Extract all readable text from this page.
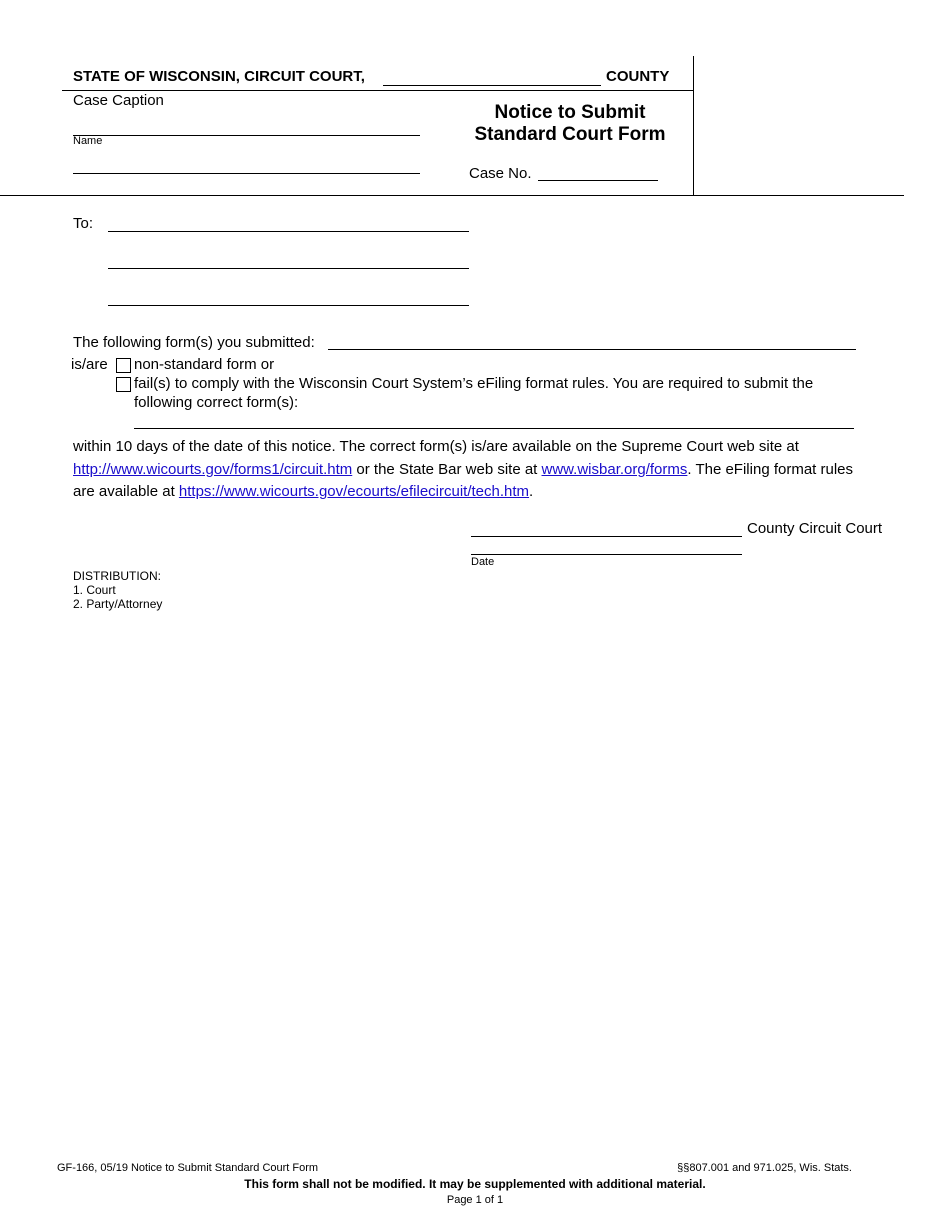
STATE OF WISCONSIN, CIRCUIT COURT,	COUNTY
Case Caption
Name
Notice to Submit
Standard Court Form
Case No.
To:
The following form(s) you submitted:
is/are non-standard form or
fail(s) to comply with the Wisconsin Court System’s eFiling format rules. You are required to submit the
following correct form(s):
within 10 days of the date of this notice. The correct form(s) is/are available on the Supreme Court web site at
http://www.wicourts.gov/forms1/circuit.htm or the State Bar web site at www.wisbar.org/forms. The eFiling format rules
are available at https://www.wicourts.gov/ecourts/efilecircuit/tech.htm.
County Circuit Court
Date
DISTRIBUTION:
1. Court
2. Party/Attorney
GF-166, 05/19 Notice to Submit Standard Court Form	§§807.001 and 971.025, Wis. Stats.
This form shall not be modified. It may be supplemented with additional material.
Page 1 of 1
